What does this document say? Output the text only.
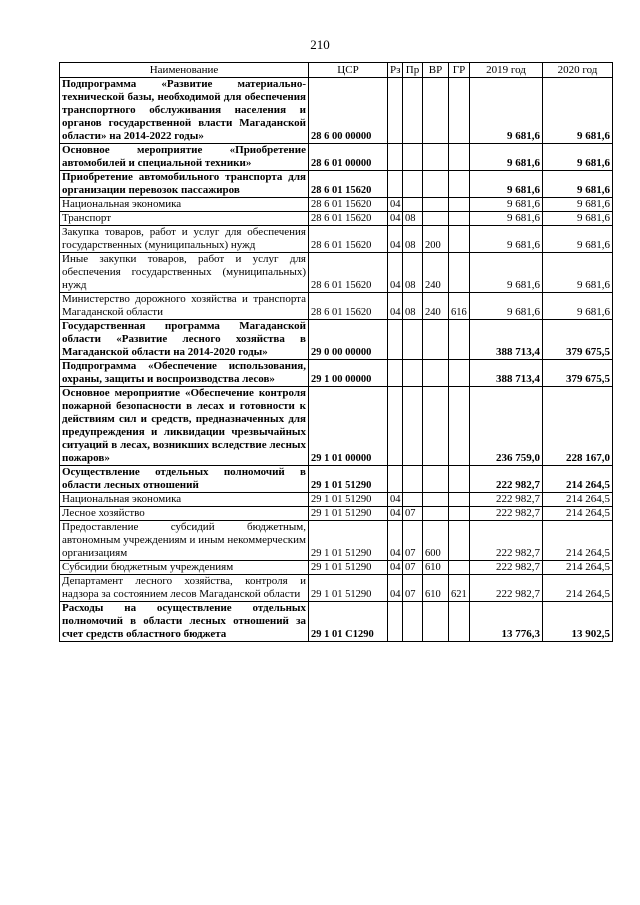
210
Наименование	ЦСР	Рз	Пр	ВР	ГР	2019 год	2020 год
Подпрограмма «Развитие материально-технической базы, необходимой для обеспечения транспортного обслуживания населения и органов государственной власти Магаданской области» на 2014-2022 годы»	28 6 00 00000					9 681,6	9 681,6
Основное мероприятие «Приобретение автомобилей и специальной техники»	28 6 01 00000					9 681,6	9 681,6
Приобретение автомобильного транспорта для организации перевозок пассажиров	28 6 01 15620					9 681,6	9 681,6
Национальная экономика	28 6 01 15620	04				9 681,6	9 681,6
Транспорт	28 6 01 15620	04	08			9 681,6	9 681,6
Закупка товаров, работ и услуг для обеспечения государственных (муниципальных) нужд	28 6 01 15620	04	08	200		9 681,6	9 681,6
Иные закупки товаров, работ и услуг для обеспечения государственных (муниципальных) нужд	28 6 01 15620	04	08	240		9 681,6	9 681,6
Министерство дорожного хозяйства и транспорта Магаданской области	28 6 01 15620	04	08	240	616	9 681,6	9 681,6
Государственная программа Магаданской области «Развитие лесного хозяйства в Магаданской области на 2014-2020 годы»	29 0 00 00000					388 713,4	379 675,5
Подпрограмма «Обеспечение использования, охраны, защиты и воспроизводства лесов»	29 1 00 00000					388 713,4	379 675,5
Основное мероприятие «Обеспечение контроля пожарной безопасности в лесах и готовности к действиям сил и средств, предназначенных для предупреждения и ликвидации чрезвычайных ситуаций в лесах, возникших вследствие лесных пожаров»	29 1 01 00000					236 759,0	228 167,0
Осуществление отдельных полномочий в области лесных отношений	29 1 01 51290					222 982,7	214 264,5
Национальная экономика	29 1 01 51290	04				222 982,7	214 264,5
Лесное хозяйство	29 1 01 51290	04	07			222 982,7	214 264,5
Предоставление субсидий бюджетным, автономным учреждениям и иным некоммерческим организациям	29 1 01 51290	04	07	600		222 982,7	214 264,5
Субсидии бюджетным учреждениям	29 1 01 51290	04	07	610		222 982,7	214 264,5
Департамент лесного хозяйства, контроля и надзора за состоянием лесов Магаданской области	29 1 01 51290	04	07	610	621	222 982,7	214 264,5
Расходы на осуществление отдельных полномочий в области лесных отношений за счет средств областного бюджета	29 1 01 С1290					13 776,3	13 902,5
